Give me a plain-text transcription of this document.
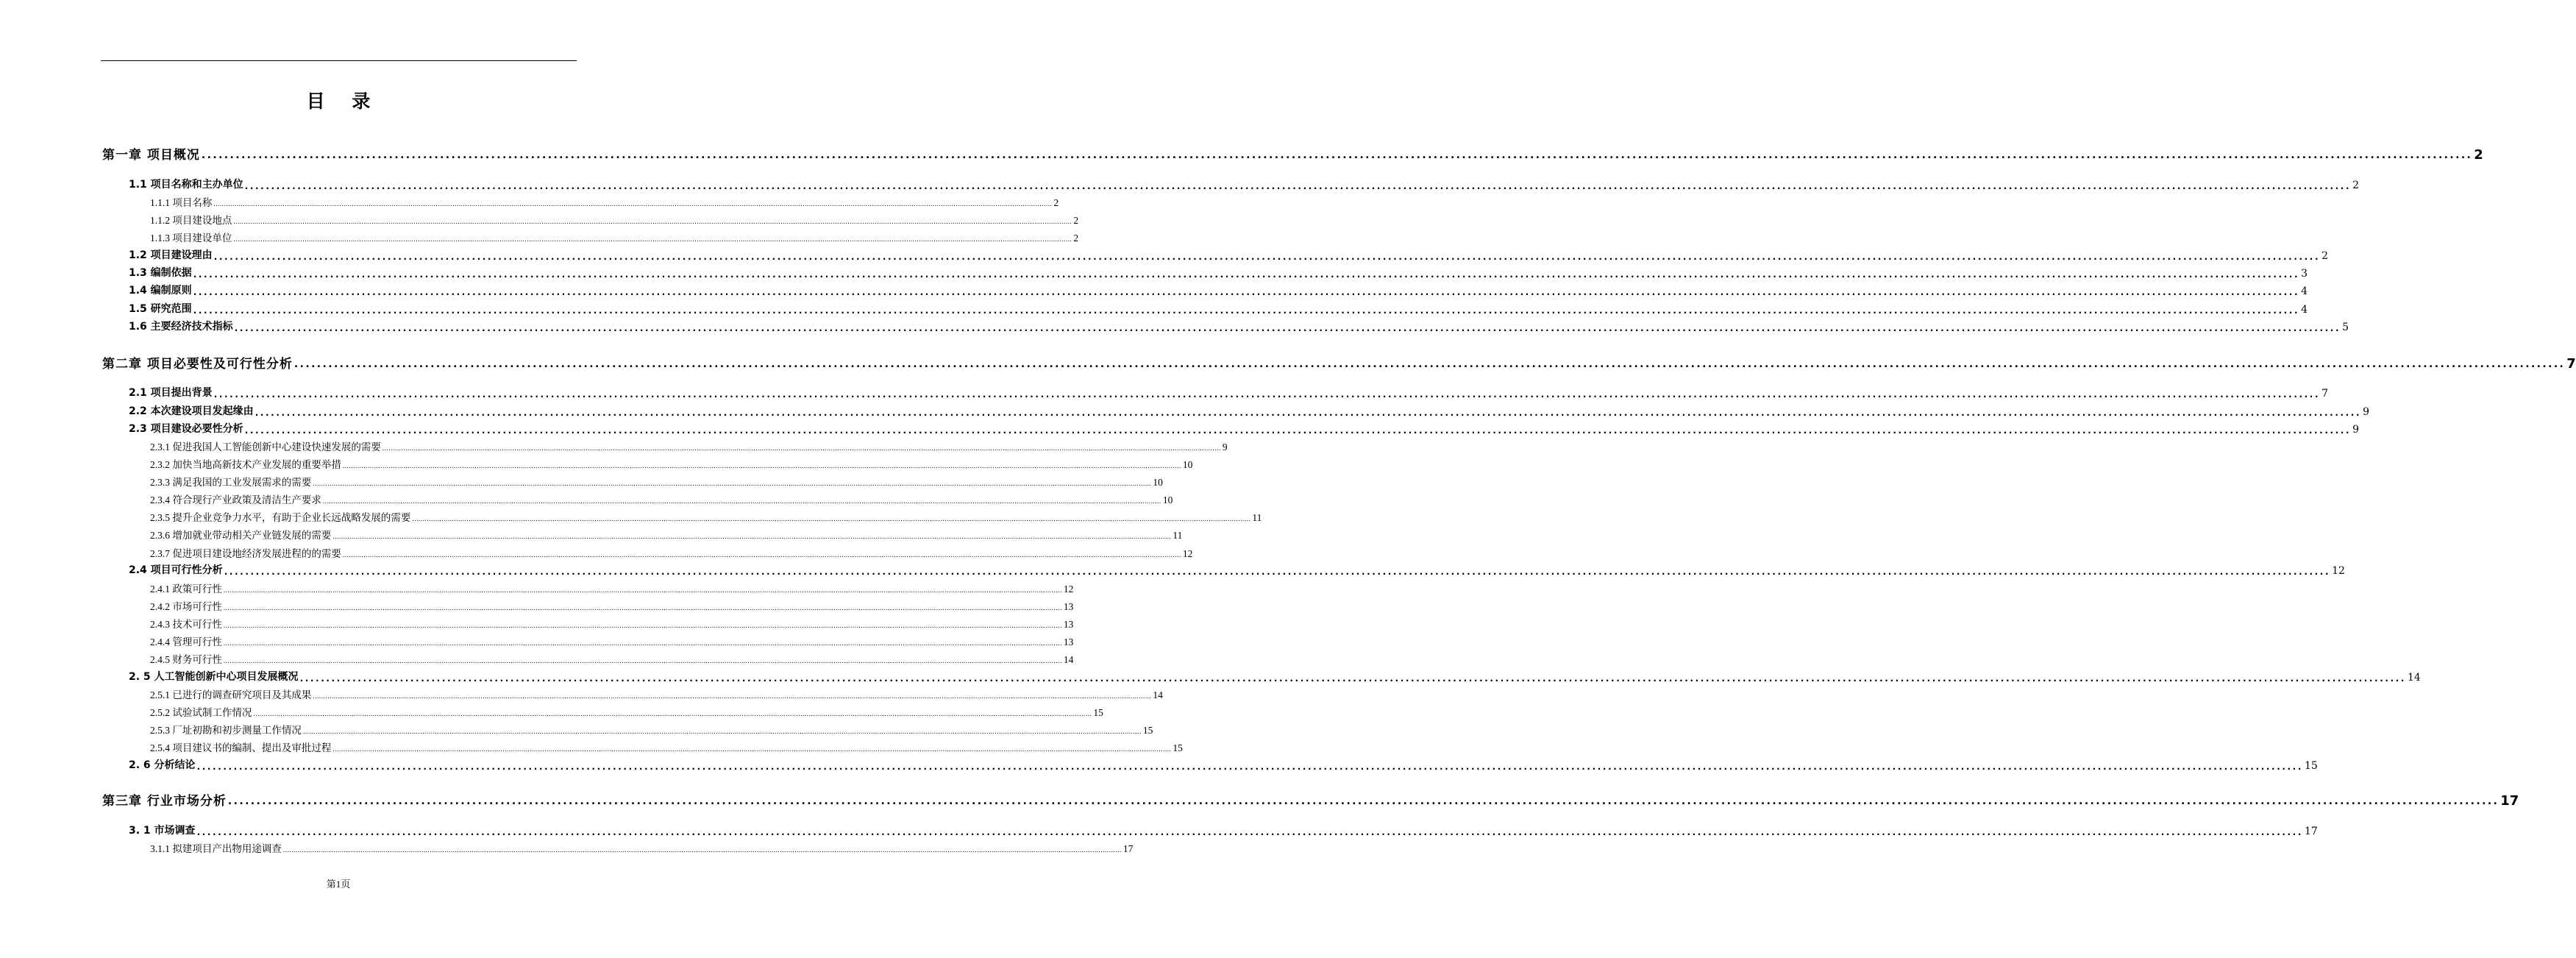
目 录
第一章 项目概况 ................................................................................................................................................................................................................................................................................................................................................................................................................ 2
1.1 项目名称和主办单位 ................................................................................................................................................................................................................................................................................................................................................................................................................ 2
1.1.1 项目名称 ................................................................................................................................................................................................................................................................................................................................................................................................................ 2
1.1.2 项目建设地点 ................................................................................................................................................................................................................................................................................................................................................................................................................ 2
1.1.3 项目建设单位 ................................................................................................................................................................................................................................................................................................................................................................................................................ 2
1.2 项目建设理由 ................................................................................................................................................................................................................................................................................................................................................................................................................ 2
1.3 编制依据 ................................................................................................................................................................................................................................................................................................................................................................................................................ 3
1.4 编制原则 ................................................................................................................................................................................................................................................................................................................................................................................................................ 4
1.5 研究范围 ................................................................................................................................................................................................................................................................................................................................................................................................................ 4
1.6 主要经济技术指标 ................................................................................................................................................................................................................................................................................................................................................................................................................ 5
第二章 项目必要性及可行性分析 ................................................................................................................................................................................................................................................................................................................................................................................................................ 7
2.1 项目提出背景 ................................................................................................................................................................................................................................................................................................................................................................................................................ 7
2.2 本次建设项目发起缘由 ................................................................................................................................................................................................................................................................................................................................................................................................................ 9
2.3 项目建设必要性分析 ................................................................................................................................................................................................................................................................................................................................................................................................................ 9
2.3.1 促进我国人工智能创新中心建设快速发展的需要 ................................................................................................................................................................................................................................................................................................................................................................................................................ 9
2.3.2 加快当地高新技术产业发展的重要举措 ................................................................................................................................................................................................................................................................................................................................................................................................................ 10
2.3.3 满足我国的工业发展需求的需要 ................................................................................................................................................................................................................................................................................................................................................................................................................ 10
2.3.4 符合现行产业政策及清洁生产要求 ................................................................................................................................................................................................................................................................................................................................................................................................................ 10
2.3.5 提升企业竞争力水平，有助于企业长远战略发展的需要 ................................................................................................................................................................................................................................................................................................................................................................................................................ 11
2.3.6 增加就业带动相关产业链发展的需要 ................................................................................................................................................................................................................................................................................................................................................................................................................ 11
2.3.7 促进项目建设地经济发展进程的的需要 ................................................................................................................................................................................................................................................................................................................................................................................................................ 12
2.4 项目可行性分析 ................................................................................................................................................................................................................................................................................................................................................................................................................ 12
2.4.1 政策可行性 ................................................................................................................................................................................................................................................................................................................................................................................................................ 12
2.4.2 市场可行性 ................................................................................................................................................................................................................................................................................................................................................................................................................ 13
2.4.3 技术可行性 ................................................................................................................................................................................................................................................................................................................................................................................................................ 13
2.4.4 管理可行性 ................................................................................................................................................................................................................................................................................................................................................................................................................ 13
2.4.5 财务可行性 ................................................................................................................................................................................................................................................................................................................................................................................................................ 14
2. 5 人工智能创新中心项目发展概况 ................................................................................................................................................................................................................................................................................................................................................................................................................ 14
2.5.1 已进行的调查研究项目及其成果 ................................................................................................................................................................................................................................................................................................................................................................................................................ 14
2.5.2 试验试制工作情况 ................................................................................................................................................................................................................................................................................................................................................................................................................ 15
2.5.3 厂址初勘和初步测量工作情况 ................................................................................................................................................................................................................................................................................................................................................................................................................ 15
2.5.4 项目建议书的编制、提出及审批过程 ................................................................................................................................................................................................................................................................................................................................................................................................................ 15
2. 6 分析结论 ................................................................................................................................................................................................................................................................................................................................................................................................................ 15
第三章 行业市场分析 ................................................................................................................................................................................................................................................................................................................................................................................................................ 17
3. 1 市场调查 ................................................................................................................................................................................................................................................................................................................................................................................................................ 17
3.1.1 拟建项目产出物用途调查 ................................................................................................................................................................................................................................................................................................................................................................................................................ 17
第1页
